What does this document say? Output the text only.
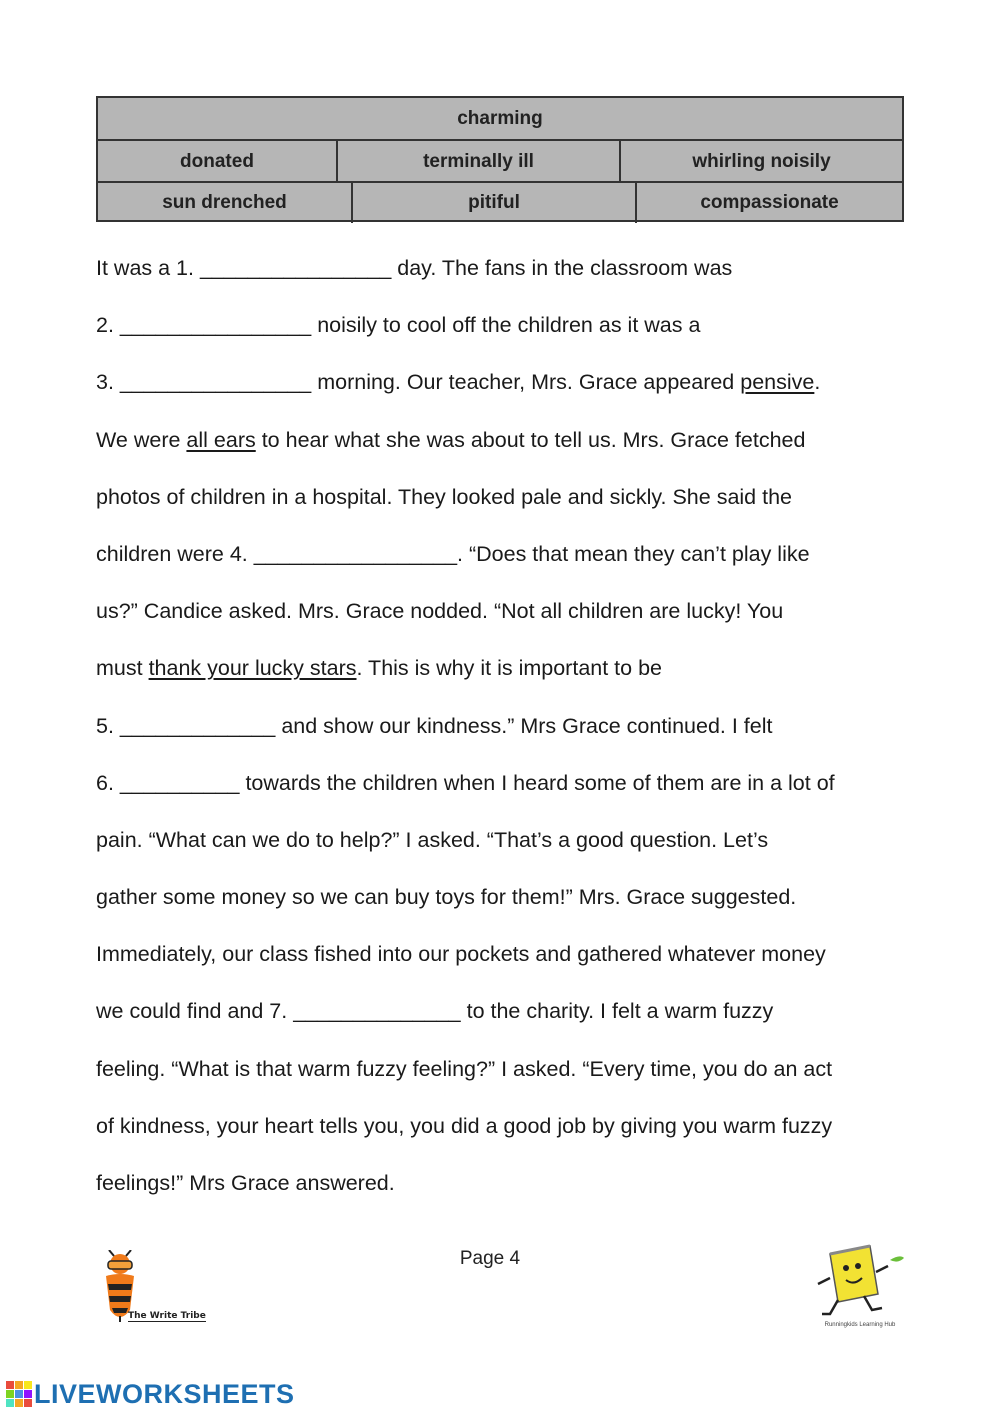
charming
donated	terminally ill	whirling noisily
sun drenched	pitiful	compassionate
It was a 1. ________________ day. The fans in the classroom was
2. ________________ noisily to cool off the children as it was a
3. ________________ morning. Our teacher, Mrs. Grace appeared pensive.
We were all ears to hear what she was about to tell us. Mrs. Grace fetched
photos of children in a hospital. They looked pale and sickly. She said the
children were 4. _________________. “Does that mean they can’t play like
us?” Candice asked. Mrs. Grace nodded. “Not all children are lucky! You
must thank your lucky stars. This is why it is important to be
5. _____________ and show our kindness.” Mrs Grace continued. I felt
6. __________ towards the children when I heard some of them are in a lot of
pain. “What can we do to help?” I asked. “That’s a good question. Let’s
gather some money so we can buy toys for them!” Mrs. Grace suggested.
Immediately, our class fished into our pockets and gathered whatever money
we could find and 7. ______________ to the charity. I felt a warm fuzzy
feeling. “What is that warm fuzzy feeling?” I asked. “Every time, you do an act
of kindness, your heart tells you, you did a good job by giving you warm fuzzy
feelings!” Mrs Grace answered.
Page 4
The Write Tribe
Runningkids Learning Hub
LIVEWORKSHEETS
